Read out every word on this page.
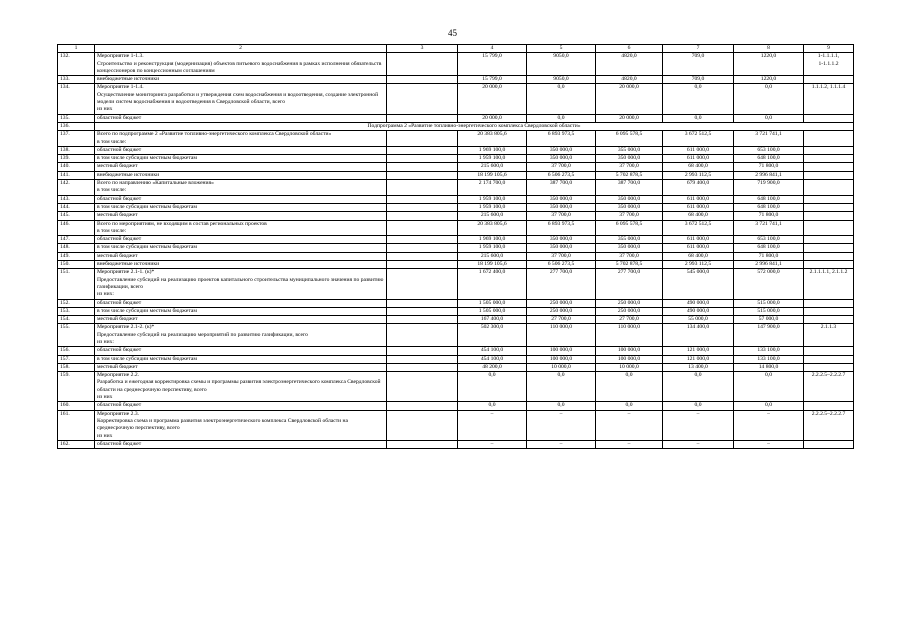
45
1	2	3	4	5	6	7	8	9
132.	Мероприятие 1-1.3.
Строительство и реконструкция (модернизация) объектов питьевого водоснабжения в рамках исполнения обязательств концессионеров по концессионным соглашениям		15 799,0	9050,0	4820,0	709,0	1220,0	1-1.1.1.1,
1-1.1.1.2
133.	внебюджетные источники		15 799,0	9050,0	4820,0	709,0	1220,0	
134.	Мероприятие 1-1.4.
Осуществление мониторинга разработки и утверждения схем водоснабжения и водоотведения, создание электронной модели систем водоснабжения и водоотведения в Свердловской области, всего
из них		20 000,0	0,0	20 000,0	0,0	0,0	1.1.1.2, 1.1.1.4
135.	областной бюджет		20 000,0	0,0	20 000,0	0,0	0,0	
136.	Подпрограмма 2 «Развитие топливно-энергетического комплекса Свердловской области»							
137.	Всего по подпрограмме 2 «Развитие топливно-энергетического комплекса Свердловской области»
в том числе:		20 383 805,6	6 893 973,5	6 095 578,5	3 672 512,5	3 721 741,1	
138.	областной бюджет		1 969 100,0	350 000,0	355 000,0	611 000,0	653 100,0	
139.	в том числе субсидии местным бюджетам		1 959 100,0	350 000,0	350 000,0	611 000,0	648 100,0	
140.	местный бюджет		215 600,0	37 700,0	37 700,0	68 400,0	71 800,0	
141.	внебюджетные источники		18 199 105,6	6 506 273,5	5 702 878,5	2 993 112,5	2 996 841,1	
142.	Всего по направлению «Капитальные вложения»
в том числе:		2 174 700,0	387 700,0	387 700,0	679 400,0	719 900,0	
143.	областной бюджет		1 959 100,0	350 000,0	350 000,0	611 000,0	648 100,0	
144.	в том числе субсидии местным бюджетам		1 959 100,0	350 000,0	350 000,0	611 000,0	648 100,0	
145.	местный бюджет		215 600,0	37 700,0	37 700,0	68 400,0	71 800,0	
146.	Всего по мероприятиям, не входящим в состав региональных проектов
в том числе:		20 383 805,6	6 893 973,5	6 095 578,5	3 672 512,5	3 721 741,1	
147.	областной бюджет		1 969 100,0	350 000,0	355 000,0	611 000,0	653 100,0	
148.	в том числе субсидии местным бюджетам		1 959 100,0	350 000,0	350 000,0	611 000,0	648 100,0	
149.	местный бюджет		215 600,0	37 700,0	37 700,0	68 400,0	71 800,0	
150.	внебюджетные источники		18 199 105,6	6 506 273,5	5 702 878,5	2 993 112,5	2 996 841,1	
151.	Мероприятие 2.1-1. (к)*
Предоставление субсидий на реализацию проектов капитального строительства муниципального значения по развитию газификации, всего
из них:		1 672 400,0	277 700,0	277 700,0	545 000,0	572 000,0	2.1.1.1.1, 2.1.1.2
152.	областной бюджет		1 505 000,0	250 000,0	250 000,0	490 000,0	515 000,0	
153.	в том числе субсидии местным бюджетам		1 505 000,0	250 000,0	250 000,0	490 000,0	515 000,0	
154.	местный бюджет		167 400,0	27 700,0	27 700,0	55 000,0	57 000,0	
155.	Мероприятие 2.1-2. (к)*
Предоставление субсидий на реализацию мероприятий по развитию газификации, всего
из них:		502 300,0	110 000,0	110 000,0	134 400,0	147 900,0	2.1.1.3
156.	областной бюджет		454 100,0	100 000,0	100 000,0	121 000,0	133 100,0	
157.	в том числе субсидии местным бюджетам		454 100,0	100 000,0	100 000,0	121 000,0	133 100,0	
158.	местный бюджет		48 200,0	10 000,0	10 000,0	13 400,0	14 800,0	
159.	Мероприятие 2.2.
Разработка и ежегодная корректировка схемы и программы развития электроэнергетического комплекса Свердловской области на среднесрочную перспективу, всего
из них		0,0	0,0	0,0	0,0	0,0	2.2.2.5–2.2.2.7
160.	областной бюджет		0,0	0,0	0,0	0,0	0,0	
161.	Мероприятие 2.3.
Корректировка схема и программа развития электроэнергетического комплекса Свердловской области на среднесрочную перспективу, всего
из них		–	–	–	–	–	2.2.2.5–2.2.2.7
162.	областной бюджет		–	–	–	–	–	
